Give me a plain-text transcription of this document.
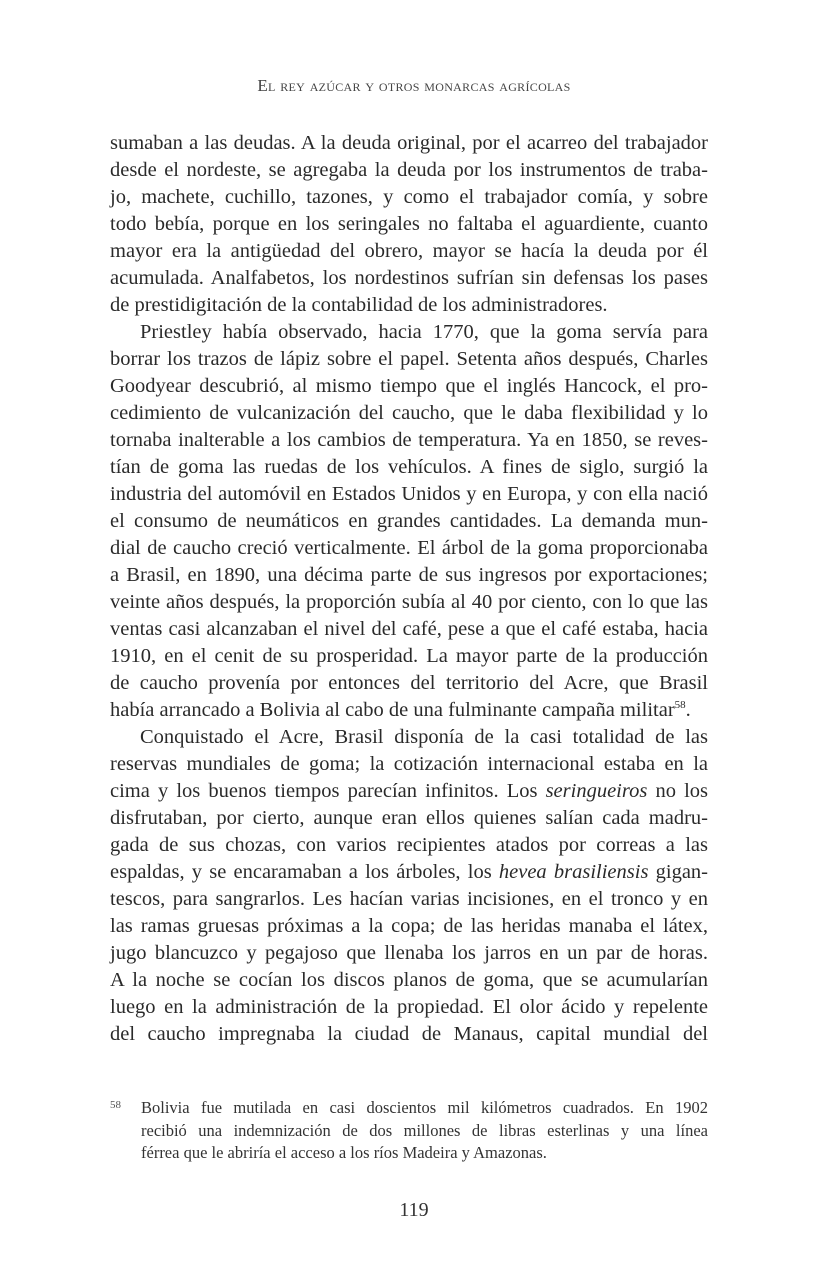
El rey azúcar y otros monarcas agrícolas
sumaban a las deudas. A la deuda original, por el acarreo del trabajador
desde el nordeste, se agregaba la deuda por los instrumentos de traba-
jo, machete, cuchillo, tazones, y como el trabajador comía, y sobre
todo bebía, porque en los seringales no faltaba el aguardiente, cuanto
mayor era la antigüedad del obrero, mayor se hacía la deuda por él
acumulada. Analfabetos, los nordestinos sufrían sin defensas los pases
de prestidigitación de la contabilidad de los administradores.
Priestley había observado, hacia 1770, que la goma servía para
borrar los trazos de lápiz sobre el papel. Setenta años después, Charles
Goodyear descubrió, al mismo tiempo que el inglés Hancock, el pro-
cedimiento de vulcanización del caucho, que le daba flexibilidad y lo
tornaba inalterable a los cambios de temperatura. Ya en 1850, se reves-
tían de goma las ruedas de los vehículos. A fines de siglo, surgió la
industria del automóvil en Estados Unidos y en Europa, y con ella nació
el consumo de neumáticos en grandes cantidades. La demanda mun-
dial de caucho creció verticalmente. El árbol de la goma proporcionaba
a Brasil, en 1890, una décima parte de sus ingresos por exportaciones;
veinte años después, la proporción subía al 40 por ciento, con lo que las
ventas casi alcanzaban el nivel del café, pese a que el café estaba, hacia
1910, en el cenit de su prosperidad. La mayor parte de la producción
de caucho provenía por entonces del territorio del Acre, que Brasil
había arrancado a Bolivia al cabo de una fulminante campaña militar$^{58}$.
Conquistado el Acre, Brasil disponía de la casi totalidad de las
reservas mundiales de goma; la cotización internacional estaba en la
cima y los buenos tiempos parecían infinitos. Los seringueiros no los
disfrutaban, por cierto, aunque eran ellos quienes salían cada madru-
gada de sus chozas, con varios recipientes atados por correas a las
espaldas, y se encaramaban a los árboles, los hevea brasiliensis gigan-
tescos, para sangrarlos. Les hacían varias incisiones, en el tronco y en
las ramas gruesas próximas a la copa; de las heridas manaba el látex,
jugo blancuzco y pegajoso que llenaba los jarros en un par de horas.
A la noche se cocían los discos planos de goma, que se acumularían
luego en la administración de la propiedad. El olor ácido y repelente
del caucho impregnaba la ciudad de Manaus, capital mundial del
58 Bolivia fue mutilada en casi doscientos mil kilómetros cuadrados. En 1902
recibió una indemnización de dos millones de libras esterlinas y una línea
férrea que le abriría el acceso a los ríos Madeira y Amazonas.
119
